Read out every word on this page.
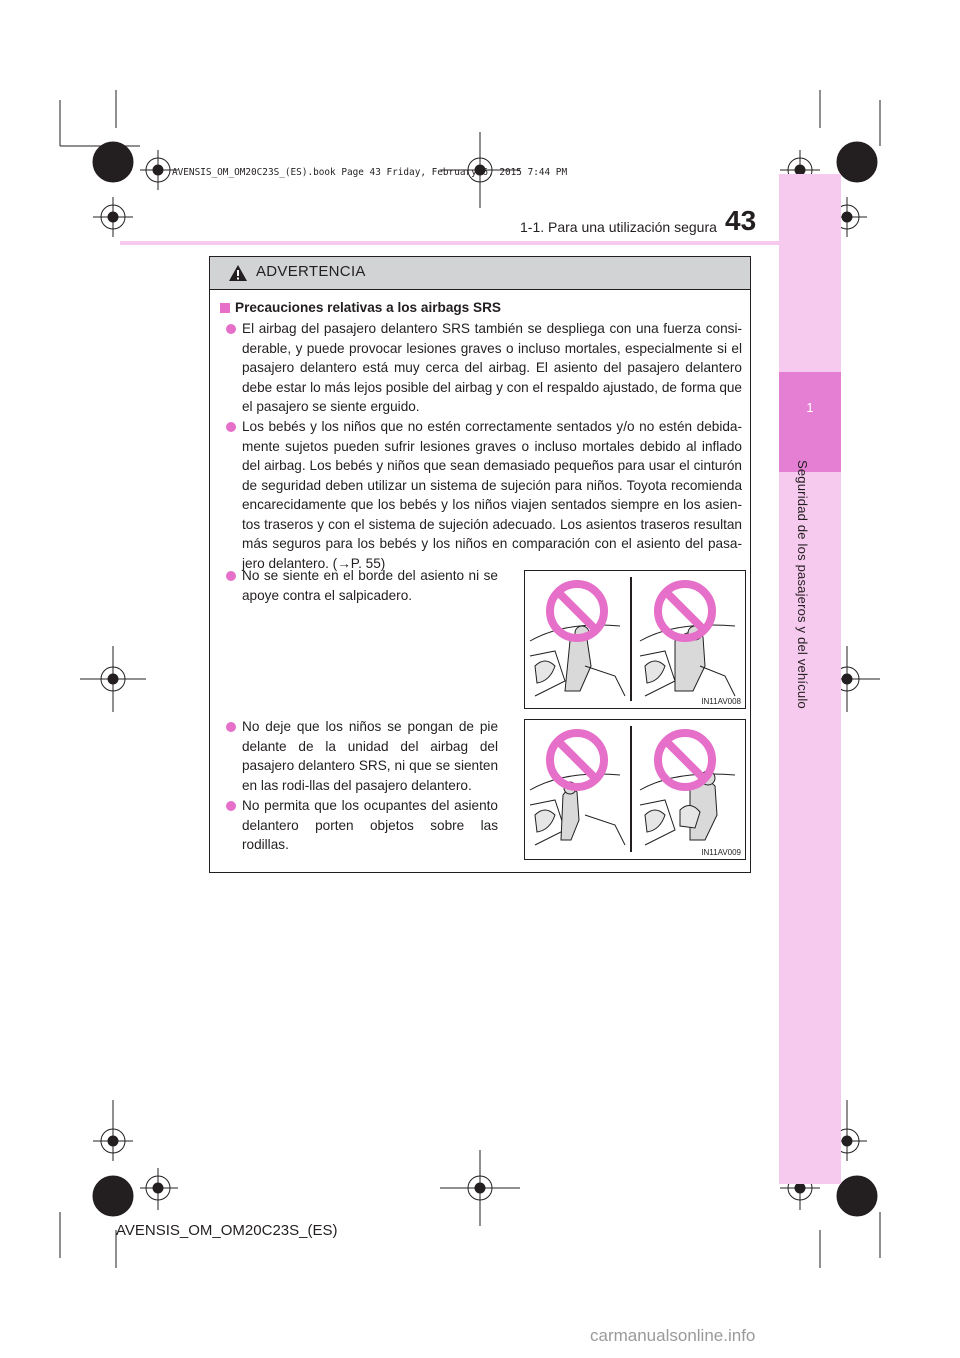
1
Seguridad de los pasajeros y del vehículo
AVENSIS_OM_OM20C23S_(ES).book Page 43 Friday, February 6, 2015 7:44 PM
1-1. Para una utilización segura 43
ADVERTENCIA
Precauciones relativas a los airbags SRS
El airbag del pasajero delantero SRS también se despliega con una fuerza consi-derable, y puede provocar lesiones graves o incluso mortales, especialmente si el pasajero delantero está muy cerca del airbag. El asiento del pasajero delantero debe estar lo más lejos posible del airbag y con el respaldo ajustado, de forma que el pasajero se siente erguido.
Los bebés y los niños que no estén correctamente sentados y/o no estén debida-mente sujetos pueden sufrir lesiones graves o incluso mortales debido al inflado del airbag. Los bebés y niños que sean demasiado pequeños para usar el cinturón de seguridad deben utilizar un sistema de sujeción para niños. Toyota recomienda encarecidamente que los bebés y los niños viajen sentados siempre en los asien-tos traseros y con el sistema de sujeción adecuado. Los asientos traseros resultan más seguros para los bebés y los niños en comparación con el asiento del pasa-jero delantero. (→P. 55)
No se siente en el borde del asiento ni se apoye contra el salpicadero.
No deje que los niños se pongan de pie delante de la unidad del airbag del pasajero delantero SRS, ni que se sienten en las rodi-llas del pasajero delantero.
No permita que los ocupantes del asiento delantero porten objetos sobre las rodillas.
IN11AV008
IN11AV009
AVENSIS_OM_OM20C23S_(ES)
carmanualsonline.info
